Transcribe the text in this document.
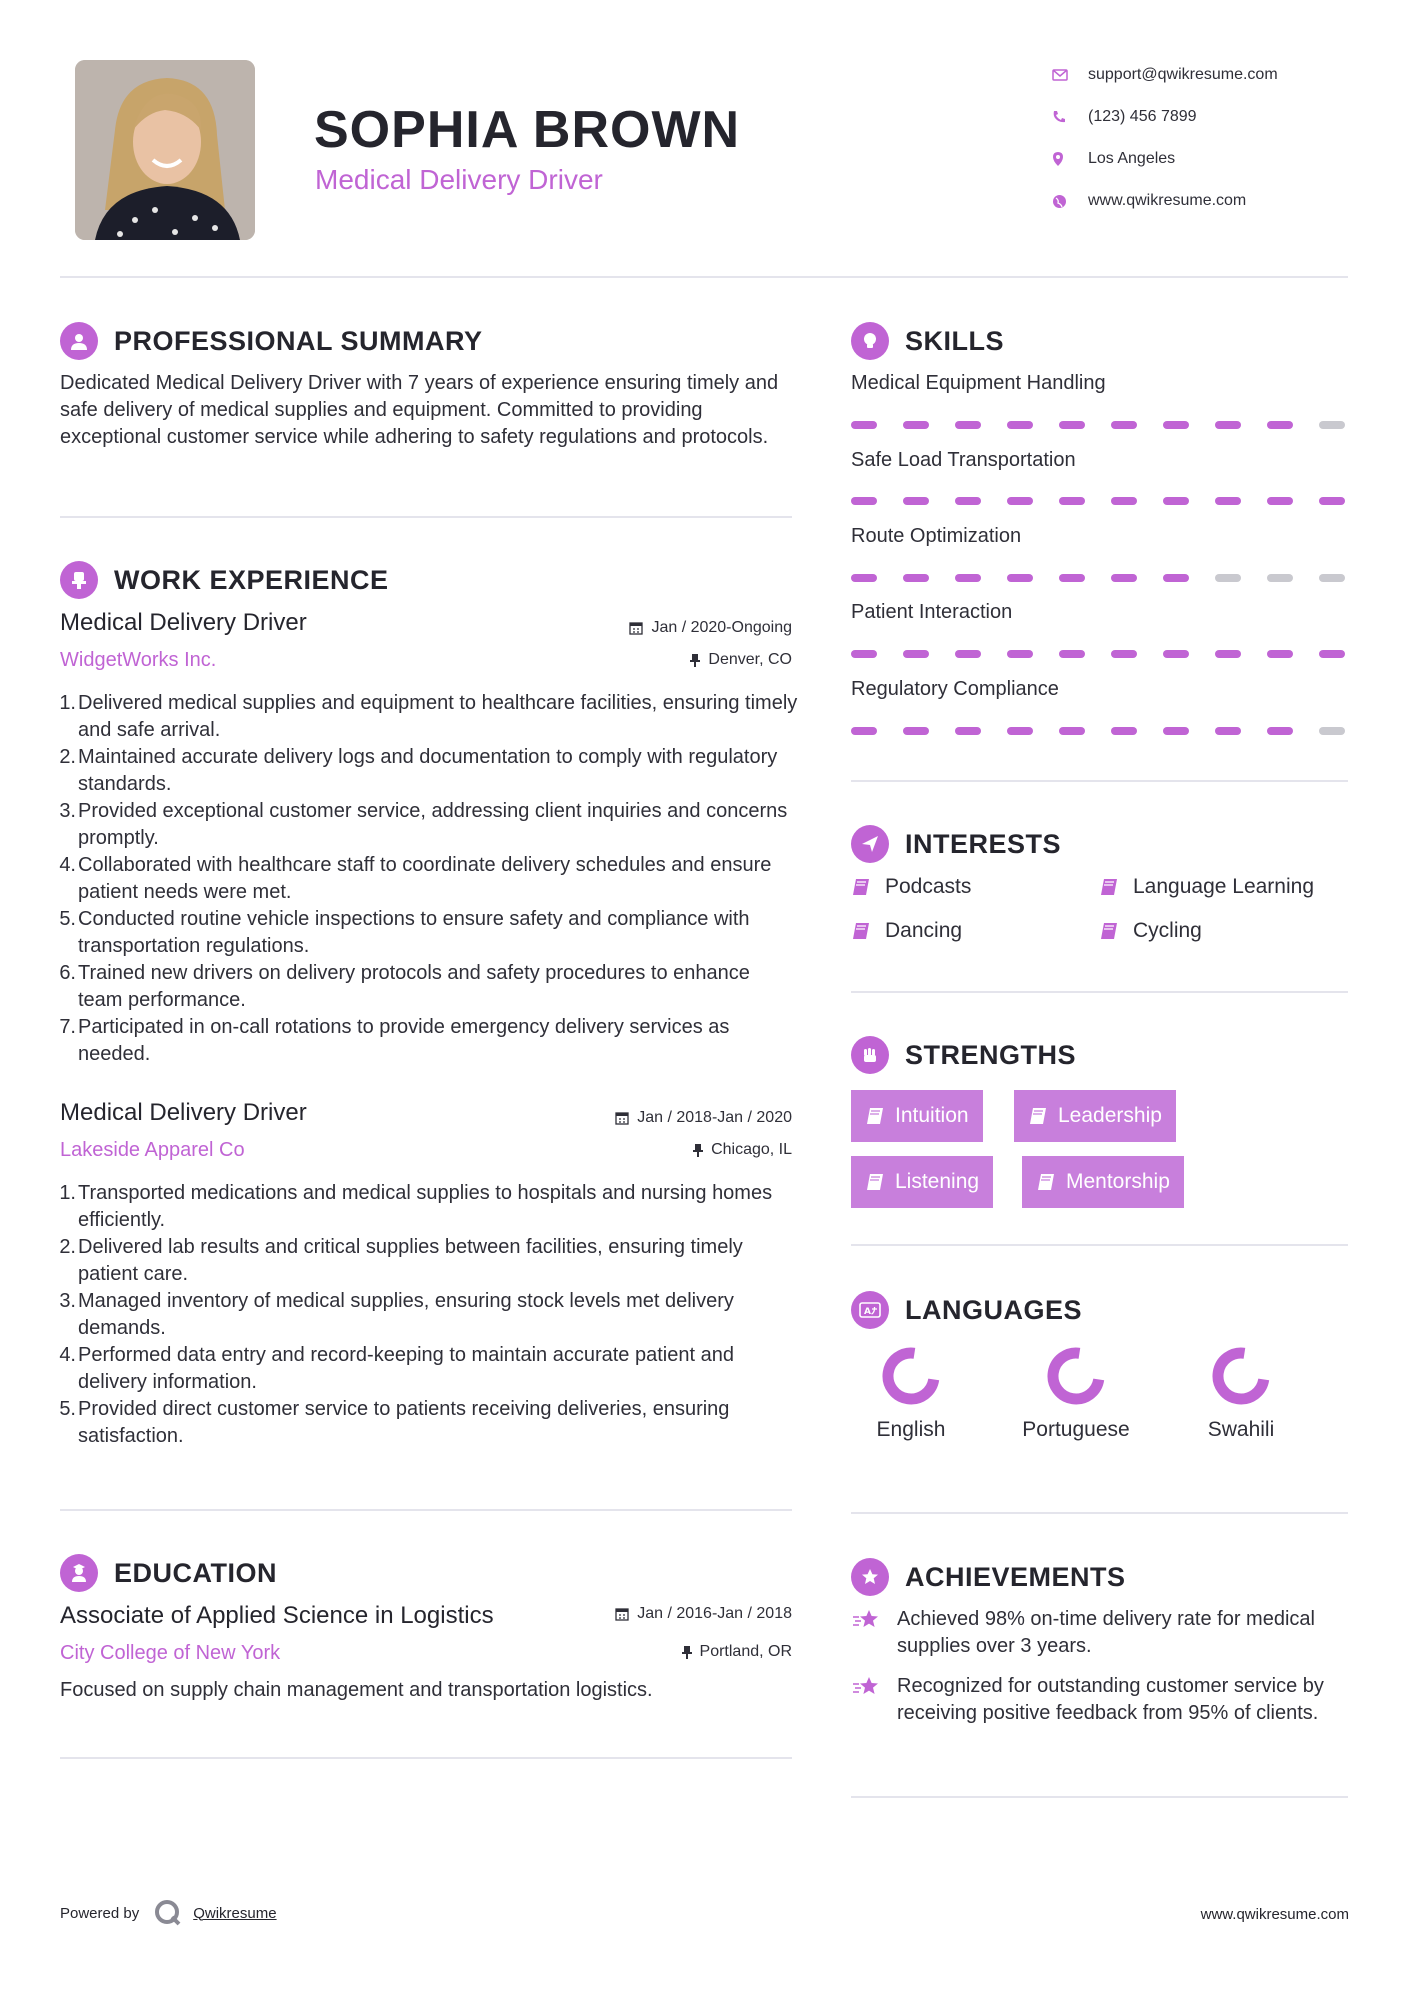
SOPHIA BROWN
Medical Delivery Driver
support@qwikresume.com
(123) 456 7899
Los Angeles
www.qwikresume.com
PROFESSIONAL SUMMARY
Dedicated Medical Delivery Driver with 7 years of experience ensuring timely and safe delivery of medical supplies and equipment. Committed to providing exceptional customer service while adhering to safety regulations and protocols.
WORK EXPERIENCE
Medical Delivery Driver
WidgetWorks Inc.
Jan / 2020-Ongoing
Denver, CO
1. Delivered medical supplies and equipment to healthcare facilities, ensuring timely and safe arrival.
2. Maintained accurate delivery logs and documentation to comply with regulatory standards.
3. Provided exceptional customer service, addressing client inquiries and concerns promptly.
4. Collaborated with healthcare staff to coordinate delivery schedules and ensure patient needs were met.
5. Conducted routine vehicle inspections to ensure safety and compliance with transportation regulations.
6. Trained new drivers on delivery protocols and safety procedures to enhance team performance.
7. Participated in on-call rotations to provide emergency delivery services as needed.
Medical Delivery Driver
Lakeside Apparel Co
Jan / 2018-Jan / 2020
Chicago, IL
1. Transported medications and medical supplies to hospitals and nursing homes efficiently.
2. Delivered lab results and critical supplies between facilities, ensuring timely patient care.
3. Managed inventory of medical supplies, ensuring stock levels met delivery demands.
4. Performed data entry and record-keeping to maintain accurate patient and delivery information.
5. Provided direct customer service to patients receiving deliveries, ensuring satisfaction.
EDUCATION
Associate of Applied Science in Logistics
City College of New York
Jan / 2016-Jan / 2018
Portland, OR
Focused on supply chain management and transportation logistics.
SKILLS
Medical Equipment Handling
Safe Load Transportation
Route Optimization
Patient Interaction
Regulatory Compliance
INTERESTS
Podcasts	Language Learning
Dancing	Cycling
STRENGTHS
Intuition	Leadership
Listening	Mentorship
A LANGUAGES
English	Portuguese	Swahili
ACHIEVEMENTS
Achieved 98% on-time delivery rate for medical supplies over 3 years.
Recognized for outstanding customer service by receiving positive feedback from 95% of clients.
Powered by	Qwikresume	www.qwikresume.com
